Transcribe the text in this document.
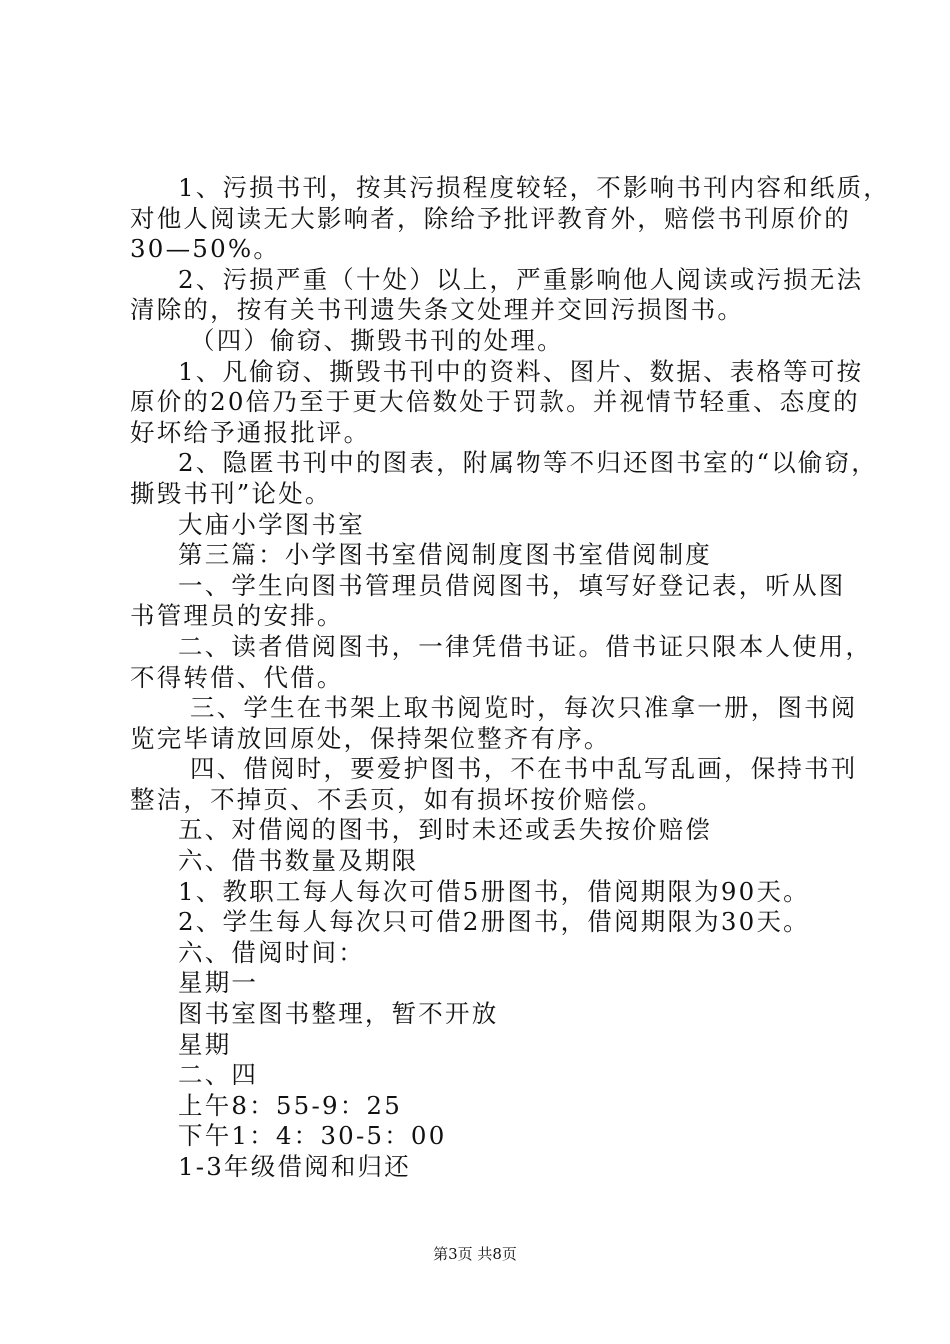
1、污损书刊，按其污损程度较轻，不影响书刊内容和纸质，
对他人阅读无大影响者，除给予批评教育外，赔偿书刊原价的
30—50%。
2、污损严重（十处）以上，严重影响他人阅读或污损无法
清除的，按有关书刊遗失条文处理并交回污损图书。
（四）偷窃、撕毁书刊的处理。
1、凡偷窃、撕毁书刊中的资料、图片、数据、表格等可按
原价的20倍乃至于更大倍数处于罚款。并视情节轻重、态度的
好坏给予通报批评。
2、隐匿书刊中的图表，附属物等不归还图书室的“以偷窃，
撕毁书刊”论处。
大庙小学图书室
第三篇：小学图书室借阅制度图书室借阅制度
一、学生向图书管理员借阅图书，填写好登记表，听从图
书管理员的安排。
二、读者借阅图书，一律凭借书证。借书证只限本人使用，
不得转借、代借。
三、学生在书架上取书阅览时，每次只准拿一册，图书阅
览完毕请放回原处，保持架位整齐有序。
四、借阅时，要爱护图书，不在书中乱写乱画，保持书刊
整洁，不掉页、不丢页，如有损坏按价赔偿。
五、对借阅的图书，到时未还或丢失按价赔偿
六、借书数量及期限
1、教职工每人每次可借5册图书，借阅期限为90天。
2、学生每人每次只可借2册图书，借阅期限为30天。
六、借阅时间：
星期一
图书室图书整理，暂不开放
星期
二、四
上午8：55-9：25
下午1：4：30-5：00
1-3年级借阅和归还
第3页 共8页
